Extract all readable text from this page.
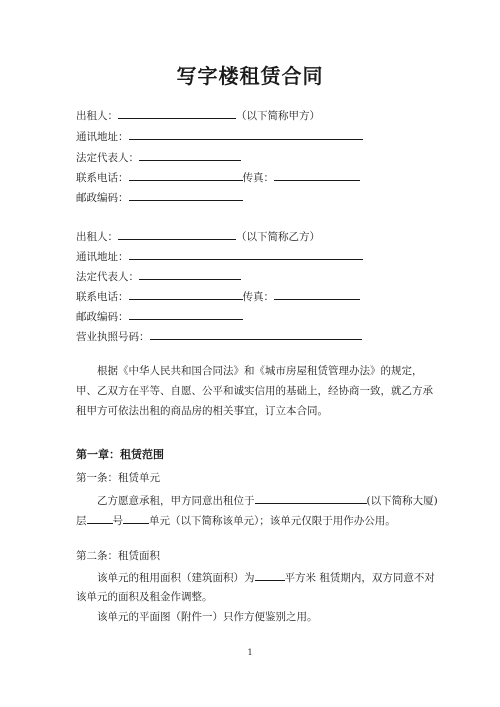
写字楼租赁合同
出租人：	（以下简称甲方）
通讯地址：
法定代表人：
联系电话：	传真：
邮政编码：
出租人：	（以下简称乙方）
通讯地址：
法定代表人：
联系电话：	传真：
邮政编码：
营业执照号码：
根据《中华人民共和国合同法》和《城市房屋租赁管理办法》的规定，甲、乙双方在平等、自愿、公平和诚实信用的基础上，经协商一致，就乙方承租甲方可依法出租的商品房的相关事宜，订立本合同。
第一章：租赁范围
第一条：租赁单元
乙方愿意承租，甲方同意出租位于	(以下简称大厦)
层 号 单元（以下简称该单元）；该单元仅限于用作办公用。
第二条：租赁面积
该单元的租用面积（建筑面积）为	平方米 租赁期内，双方同意不对
该单元的面积及租金作调整。
该单元的平面图（附件一）只作方便鉴别之用。
1
